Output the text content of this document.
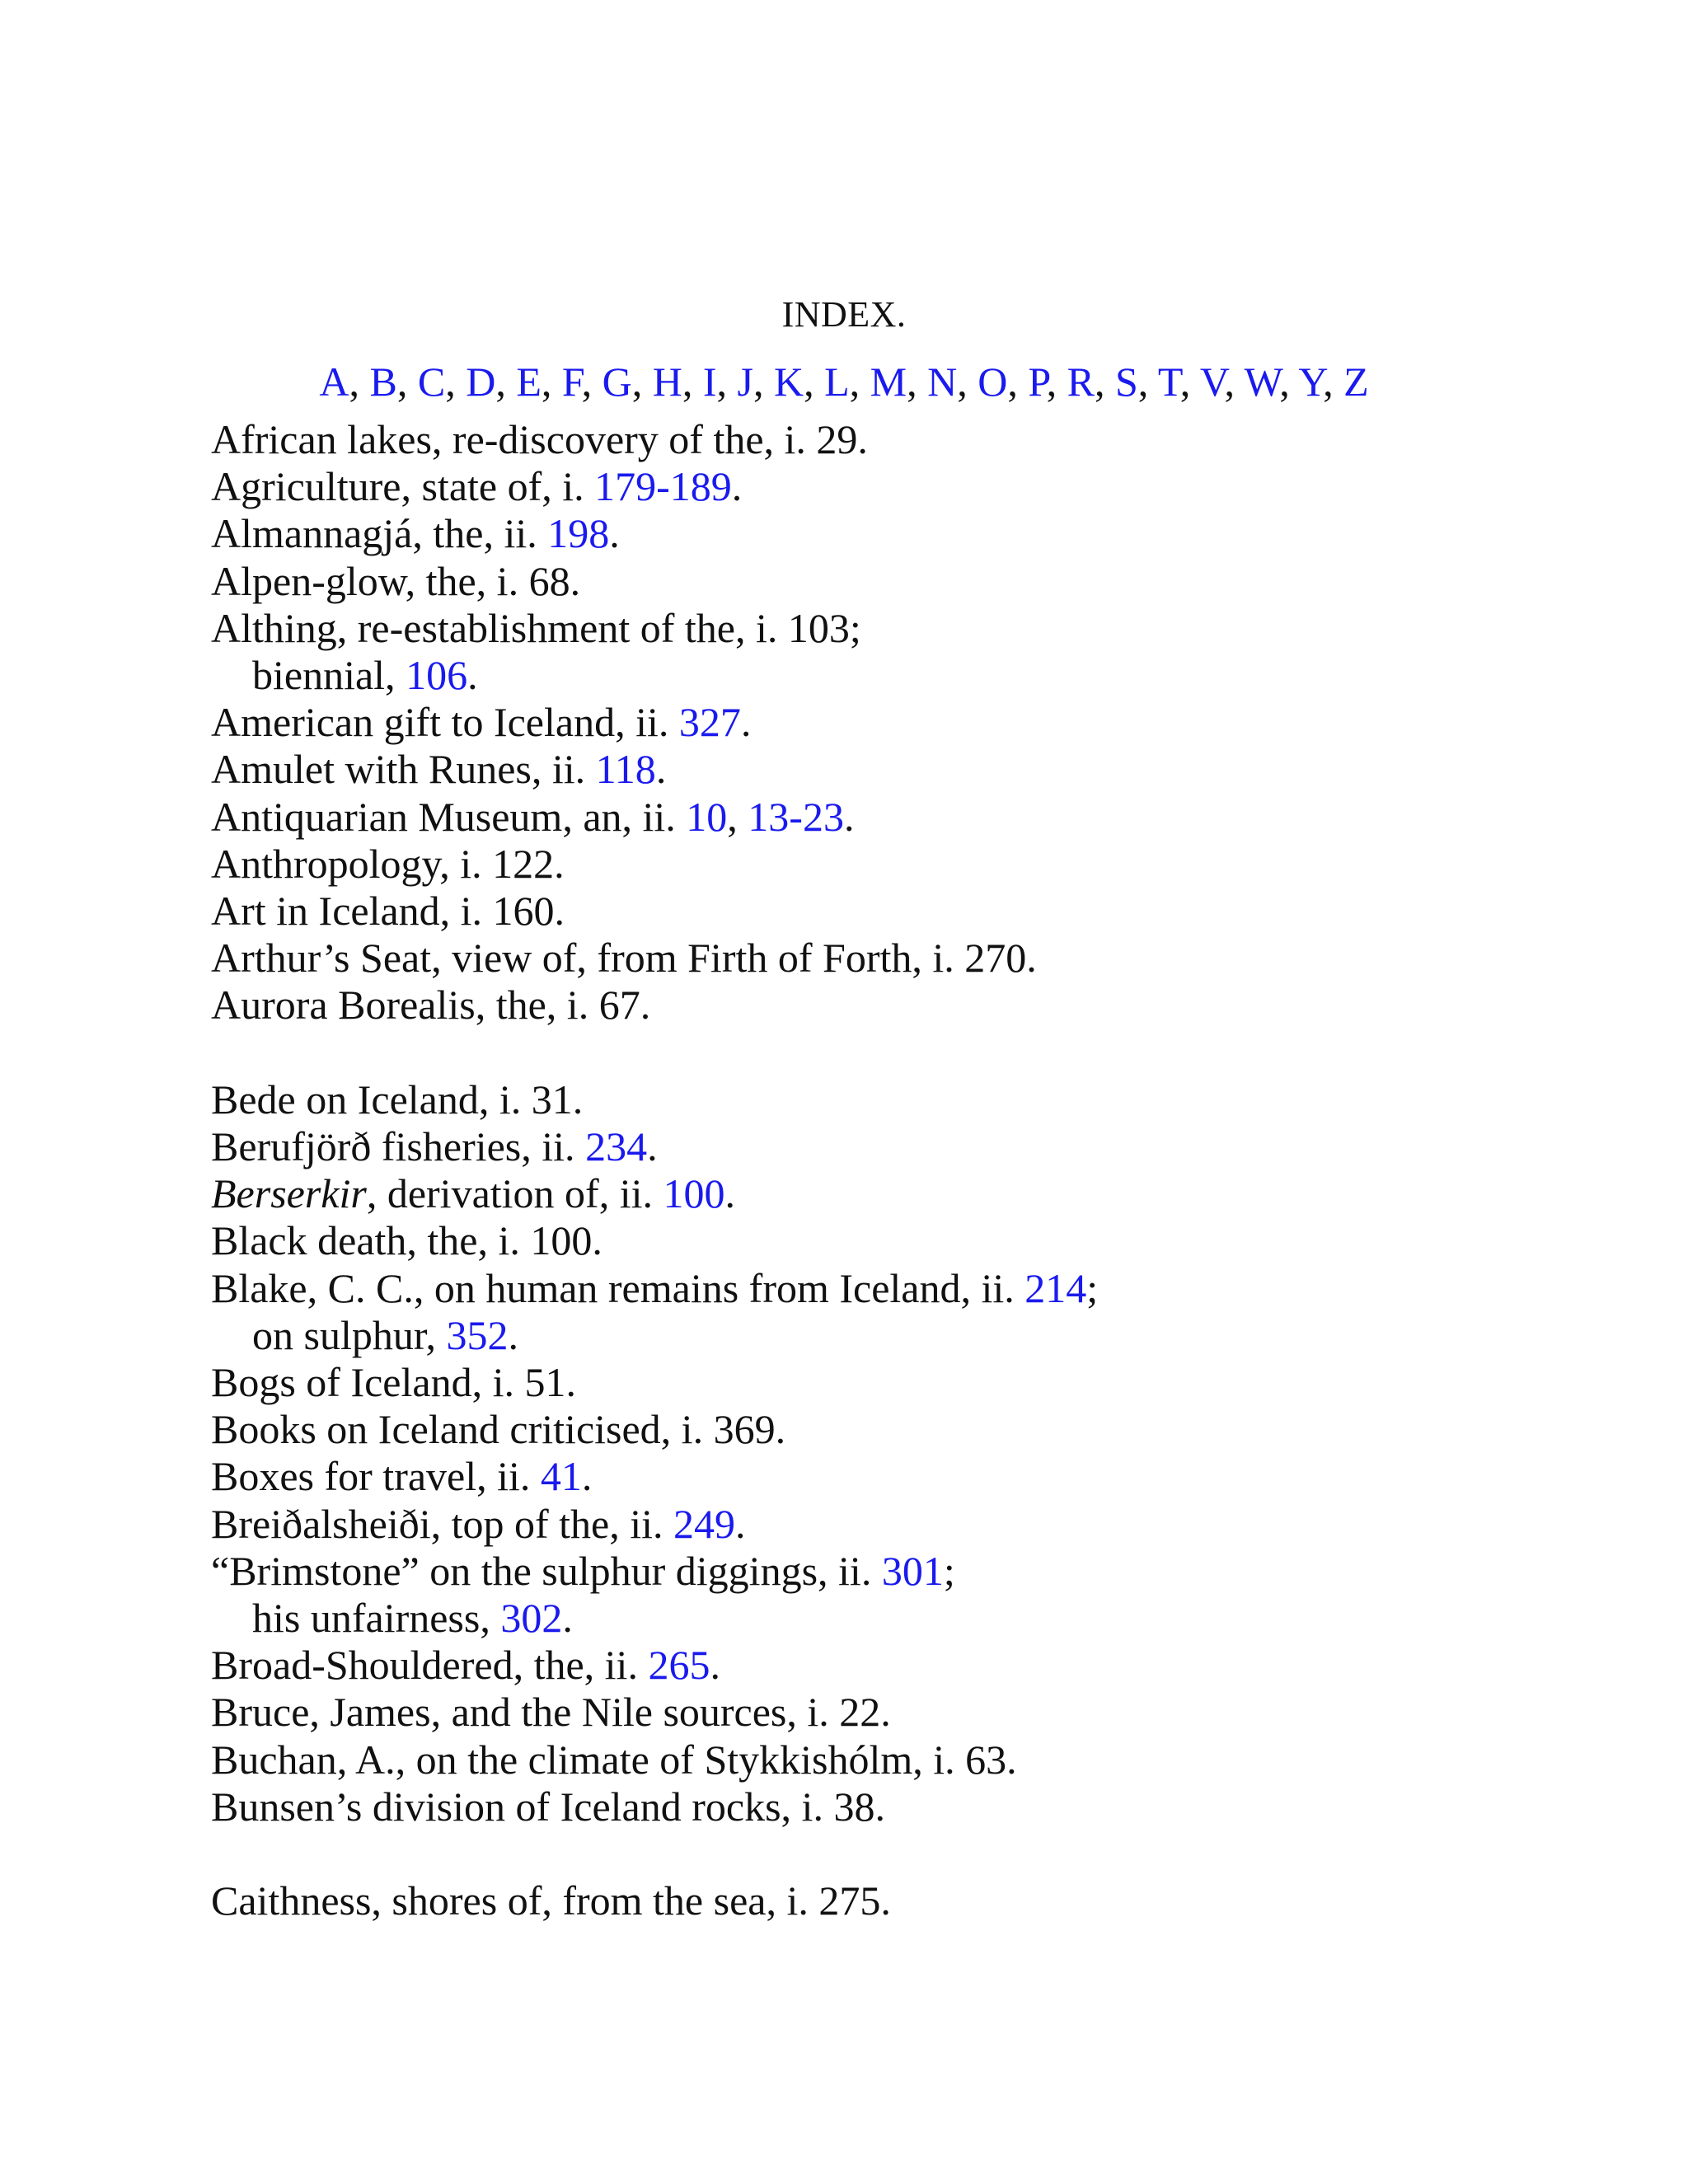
INDEX.
A, B, C, D, E, F, G, H, I, J, K, L, M, N, O, P, R, S, T, V, W, Y, Z
African lakes, re-discovery of the, i. 29.
Agriculture, state of, i. 179-189.
Almannagjá, the, ii. 198.
Alpen-glow, the, i. 68.
Althing, re-establishment of the, i. 103;
biennial, 106.
American gift to Iceland, ii. 327.
Amulet with Runes, ii. 118.
Antiquarian Museum, an, ii. 10, 13-23.
Anthropology, i. 122.
Art in Iceland, i. 160.
Arthur’s Seat, view of, from Firth of Forth, i. 270.
Aurora Borealis, the, i. 67.
Bede on Iceland, i. 31.
Berufjörð fisheries, ii. 234.
Berserkir, derivation of, ii. 100.
Black death, the, i. 100.
Blake, C. C., on human remains from Iceland, ii. 214;
on sulphur, 352.
Bogs of Iceland, i. 51.
Books on Iceland criticised, i. 369.
Boxes for travel, ii. 41.
Breiðalsheiði, top of the, ii. 249.
“Brimstone” on the sulphur diggings, ii. 301;
his unfairness, 302.
Broad-Shouldered, the, ii. 265.
Bruce, James, and the Nile sources, i. 22.
Buchan, A., on the climate of Stykkishólm, i. 63.
Bunsen’s division of Iceland rocks, i. 38.
Caithness, shores of, from the sea, i. 275.
